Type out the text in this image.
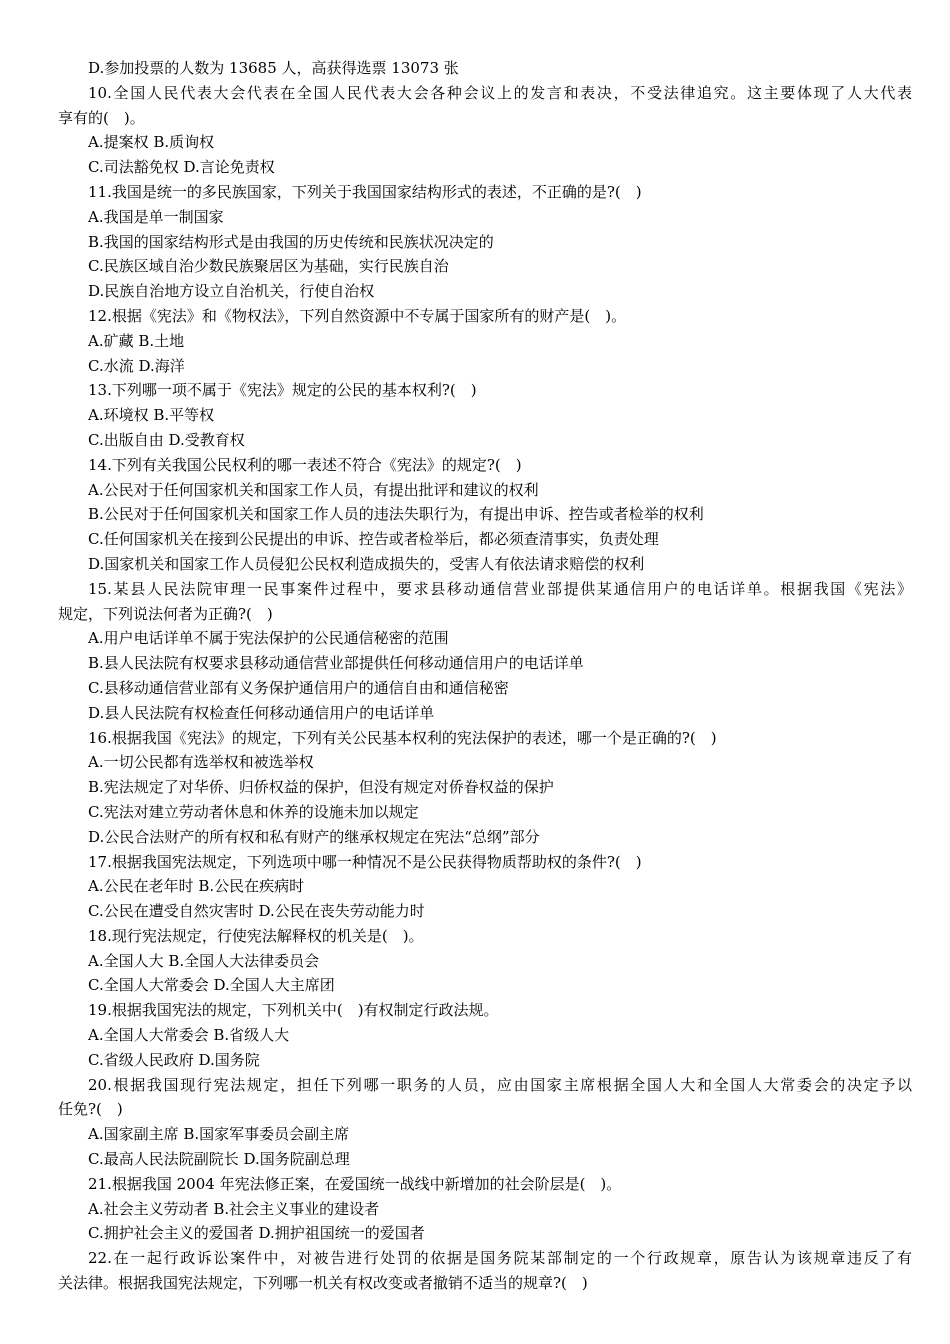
D.参加投票的人数为 13685 人，高获得选票 13073 张

10.全国人民代表大会代表在全国人民代表大会各种会议上的发言和表决，不受法律追究。这主要体现了人大代表

享有的(　)。

A.提案权 B.质询权

C.司法豁免权 D.言论免责权

11.我国是统一的多民族国家，下列关于我国国家结构形式的表述，不正确的是?(　)

A.我国是单一制国家

B.我国的国家结构形式是由我国的历史传统和民族状况决定的

C.民族区域自治少数民族聚居区为基础，实行民族自治

D.民族自治地方设立自治机关，行使自治权

12.根据《宪法》和《物权法》，下列自然资源中不专属于国家所有的财产是(　)。

A.矿藏 B.土地

C.水流 D.海洋

13.下列哪一项不属于《宪法》规定的公民的基本权利?(　)

A.环境权 B.平等权

C.出版自由 D.受教育权

14.下列有关我国公民权利的哪一表述不符合《宪法》的规定?(　)

A.公民对于任何国家机关和国家工作人员，有提出批评和建议的权利

B.公民对于任何国家机关和国家工作人员的违法失职行为，有提出申诉、控告或者检举的权利

C.任何国家机关在接到公民提出的申诉、控告或者检举后，都必须查清事实，负责处理

D.国家机关和国家工作人员侵犯公民权利造成损失的，受害人有依法请求赔偿的权利

15.某县人民法院审理一民事案件过程中，要求县移动通信营业部提供某通信用户的电话详单。根据我国《宪法》

规定，下列说法何者为正确?(　)

A.用户电话详单不属于宪法保护的公民通信秘密的范围

B.县人民法院有权要求县移动通信营业部提供任何移动通信用户的电话详单

C.县移动通信营业部有义务保护通信用户的通信自由和通信秘密

D.县人民法院有权检查任何移动通信用户的电话详单

16.根据我国《宪法》的规定，下列有关公民基本权利的宪法保护的表述，哪一个是正确的?(　)

A.一切公民都有选举权和被选举权

B.宪法规定了对华侨、归侨权益的保护，但没有规定对侨眷权益的保护

C.宪法对建立劳动者休息和休养的设施未加以规定

D.公民合法财产的所有权和私有财产的继承权规定在宪法“总纲”部分

17.根据我国宪法规定，下列选项中哪一种情况不是公民获得物质帮助权的条件?(　)

A.公民在老年时 B.公民在疾病时

C.公民在遭受自然灾害时 D.公民在丧失劳动能力时

18.现行宪法规定，行使宪法解释权的机关是(　)。

A.全国人大 B.全国人大法律委员会

C.全国人大常委会 D.全国人大主席团

19.根据我国宪法的规定，下列机关中(　)有权制定行政法规。

A.全国人大常委会 B.省级人大

C.省级人民政府 D.国务院

20.根据我国现行宪法规定，担任下列哪一职务的人员，应由国家主席根据全国人大和全国人大常委会的决定予以

任免?(　)

A.国家副主席 B.国家军事委员会副主席

C.最高人民法院副院长 D.国务院副总理

21.根据我国 2004 年宪法修正案，在爱国统一战线中新增加的社会阶层是(　)。

A.社会主义劳动者 B.社会主义事业的建设者

C.拥护社会主义的爱国者 D.拥护祖国统一的爱国者

22.在一起行政诉讼案件中，对被告进行处罚的依据是国务院某部制定的一个行政规章，原告认为该规章违反了有

关法律。根据我国宪法规定，下列哪一机关有权改变或者撤销不适当的规章?(　)
